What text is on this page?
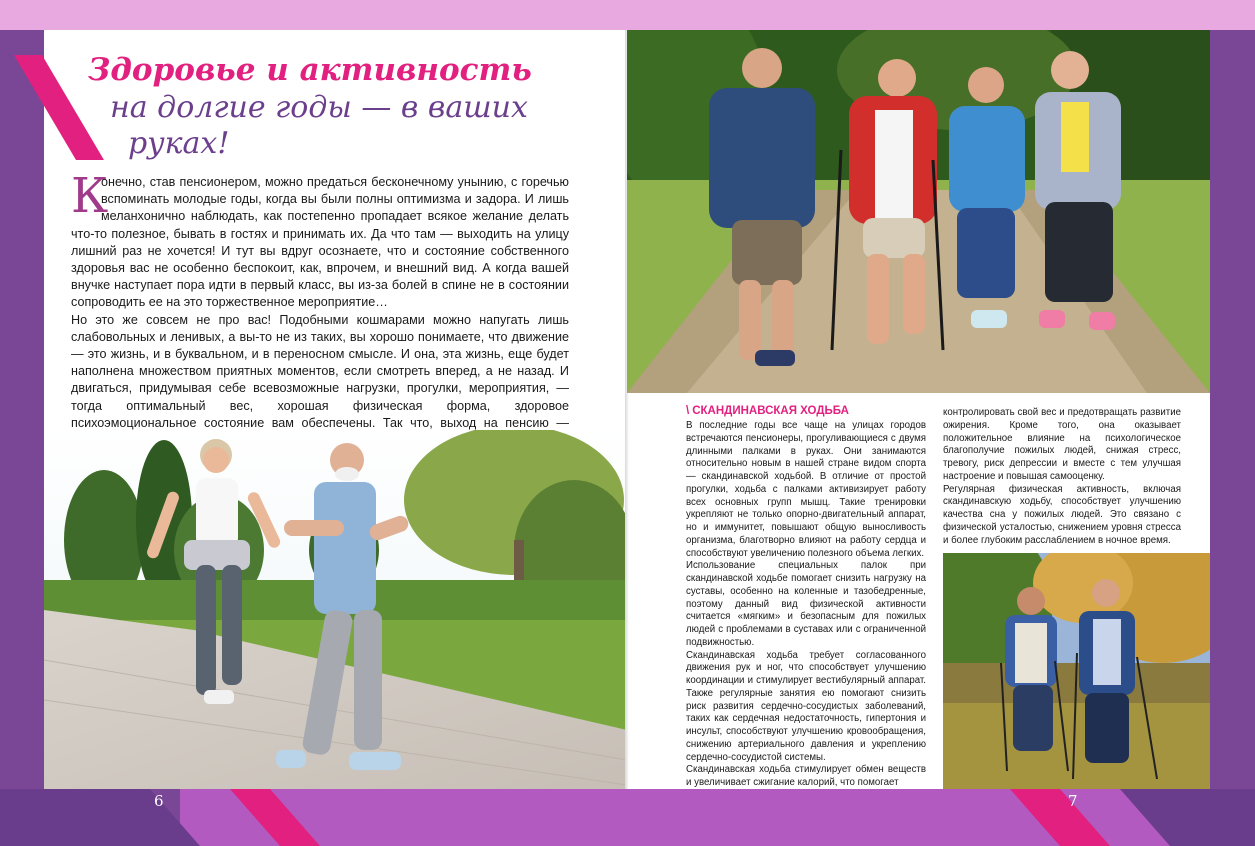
6	7
Здоровье и активность
на долгие годы — в ваших
руках!
К

онечно, став пенсионером, можно предаться бесконечному унынию, с горечью вспоминать молодые годы, когда вы были полны оптимизма и задора. И лишь меланхонично наблюдать, как постепенно пропадает всякое желание делать что-то полезное, бывать в гостях и принимать их. Да что там — выходить на улицу лишний раз не хочется! И тут вы вдруг осознаете, что и состояние собственного здоровья вас не особенно беспокоит, как, впрочем, и внешний вид. А когда вашей внучке наступает пора идти в первый класс, вы из-за болей в спине не в состоянии сопроводить ее на это торжественное мероприятие…

Но это же совсем не про вас! Подобными кошмарами можно напугать лишь слабовольных и ленивых, а вы-то не из таких, вы хорошо понимаете, что движение — это жизнь, и в буквальном, и в переносном смысле. И она, эта жизнь, еще будет наполнена множеством приятных моментов, если смотреть вперед, а не назад. И двигаться, придумывая себе всевозможные нагрузки, прогулки, мероприятия, — тогда оптимальный вес, хорошая физическая форма, здоровое психоэмоциональное состояние вам обеспечены. Так что, выход на пенсию —

\ СКАНДИНАВСКАЯ ХОДЬБА

В последние годы все чаще на улицах городов встречаются пенсионеры, прогуливающиеся с двумя длинными палками в руках. Они занимаются относительно новым в нашей стране видом спорта — скандинавской ходьбой. В отличие от простой прогулки, ходьба с палками активизирует работу всех основных групп мышц. Такие тренировки укрепляют не только опорно-двигательный аппарат, но и иммунитет, повышают общую выносливость организма, благотворно влияют на работу сердца и способствуют увеличению полезного объема легких.

Использование специальных палок при скандинавской ходьбе помогает снизить нагрузку на суставы, особенно на коленные и тазобедренные, поэтому данный вид физической активности считается «мягким» и безопасным для пожилых людей с проблемами в суставах или с ограниченной подвижностью.

Скандинавская ходьба требует согласованного движения рук и ног, что способствует улучшению координации и стимулирует вестибулярный аппарат. Также регулярные занятия ею помогают снизить риск развития сердечно-сосудистых заболеваний, таких как сердечная недостаточность, гипертония и инсульт, способствуют улучшению кровообращения, снижению артериального давления и укреплению сердечно-сосудистой системы.

Скандинавская ходьба стимулирует обмен веществ и увеличивает сжигание калорий, что помогает

контролировать свой вес и предотвращать развитие ожирения. Кроме того, она оказывает положительное влияние на психологическое благополучие пожилых людей, снижая стресс, тревогу, риск депрессии и вместе с тем улучшая настроение и повышая самооценку.

Регулярная физическая активность, включая скандинавскую ходьбу, способствует улучшению качества сна у пожилых людей. Это связано с физической усталостью, снижением уровня стресса и более глубоким расслаблением в ночное время.
